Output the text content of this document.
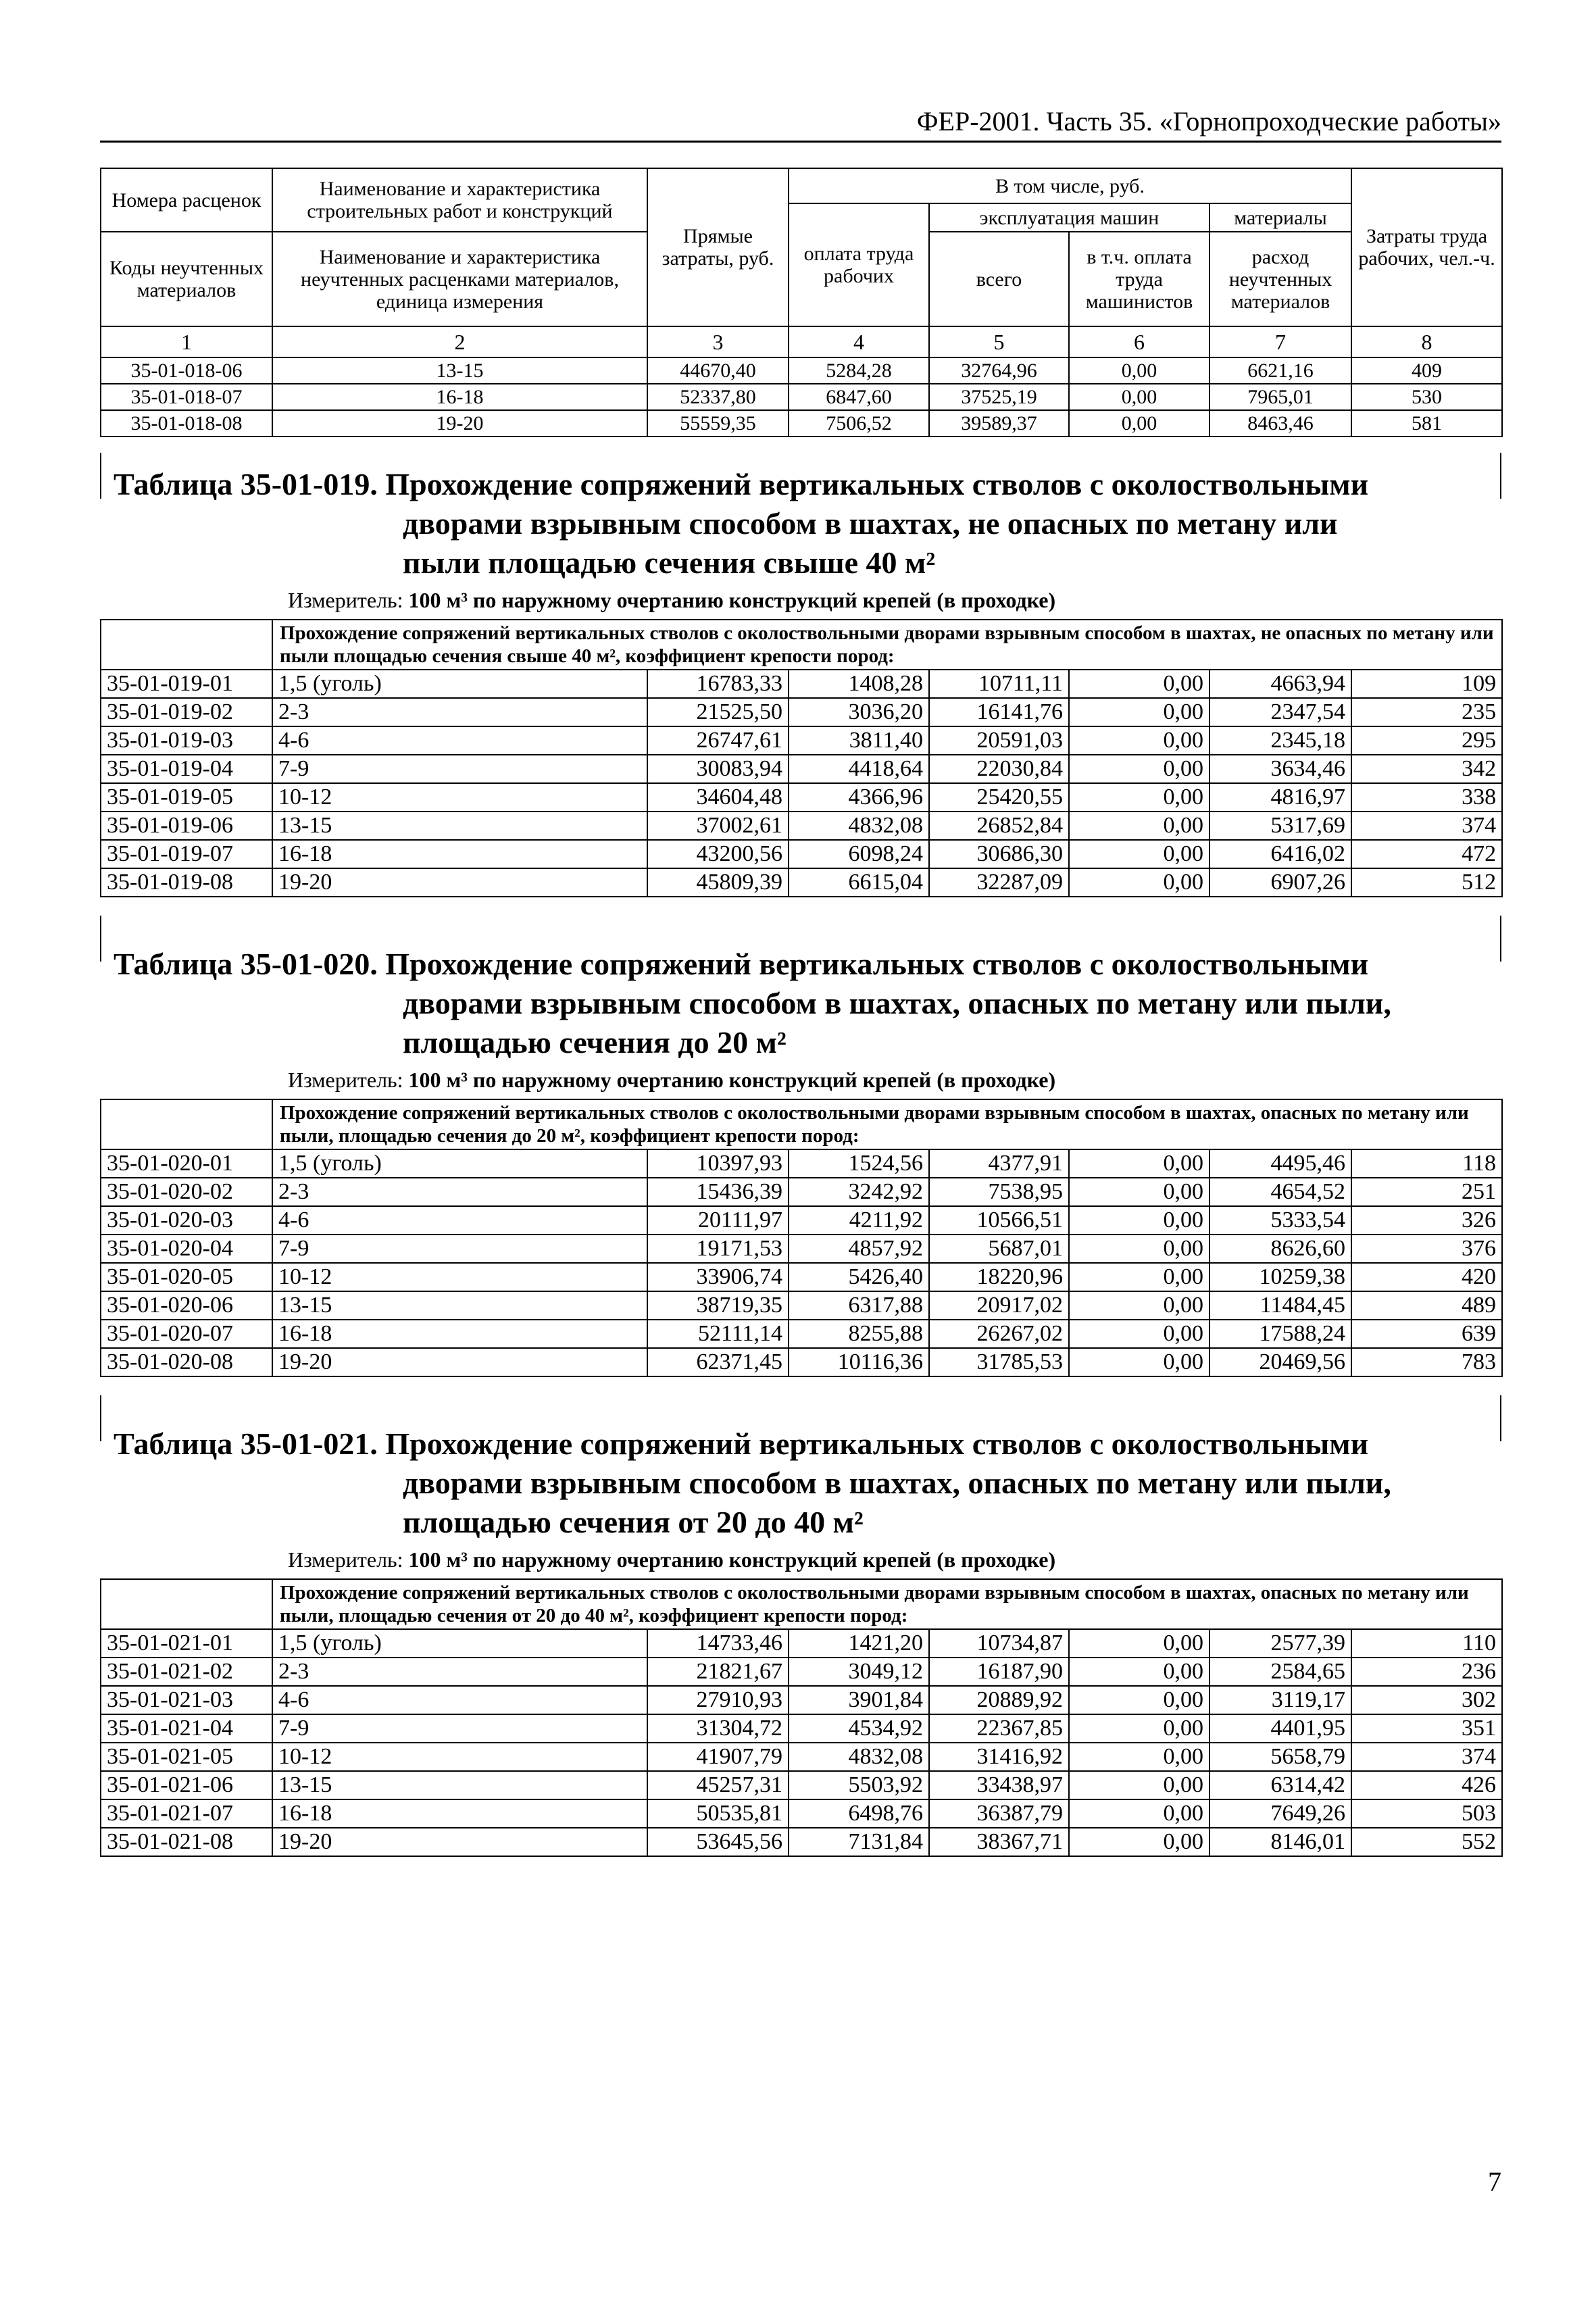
ФЕР-2001. Часть 35. «Горнопроходческие работы»
Номера расценок	Наименование и характеристика строительных работ и конструкций	Прямые затраты, руб.	В том числе, руб.				Затраты труда рабочих, чел.-ч.
			оплата труда рабочих	эксплуатация машин		материалы	
Коды неучтенных материалов	Наименование и характеристика неучтенных расценками материалов, единица измерения			всего	в т.ч. оплата труда машинистов	расход неучтенных материалов	

1	2	3	4	5	6	7	8
35-01-018-06	13-15	44670,40	5284,28	32764,96	0,00	6621,16	409
35-01-018-07	16-18	52337,80	6847,60	37525,19	0,00	7965,01	530
35-01-018-08	19-20	55559,35	7506,52	39589,37	0,00	8463,46	581
Таблица 35-01-019. Прохождение сопряжений вертикальных стволов с околоствольными
дворами взрывным способом в шахтах, не опасных по метану или
пыли площадью сечения свыше 40 м²
Измеритель: 100 м³ по наружному очертанию конструкций крепей (в проходке)
	Прохождение сопряжений вертикальных стволов с околоствольными дворами взрывным способом в шахтах, не опасных по метану или пыли площадью сечения свыше 40 м², коэффициент крепости пород:						
35-01-019-01	1,5 (уголь)	16783,33	1408,28	10711,11	0,00	4663,94	109
35-01-019-02	2-3	21525,50	3036,20	16141,76	0,00	2347,54	235
35-01-019-03	4-6	26747,61	3811,40	20591,03	0,00	2345,18	295
35-01-019-04	7-9	30083,94	4418,64	22030,84	0,00	3634,46	342
35-01-019-05	10-12	34604,48	4366,96	25420,55	0,00	4816,97	338
35-01-019-06	13-15	37002,61	4832,08	26852,84	0,00	5317,69	374
35-01-019-07	16-18	43200,56	6098,24	30686,30	0,00	6416,02	472
35-01-019-08	19-20	45809,39	6615,04	32287,09	0,00	6907,26	512
Таблица 35-01-020. Прохождение сопряжений вертикальных стволов с околоствольными
дворами взрывным способом в шахтах, опасных по метану или пыли,
площадью сечения до 20 м²
Измеритель: 100 м³ по наружному очертанию конструкций крепей (в проходке)
	Прохождение сопряжений вертикальных стволов с околоствольными дворами взрывным способом в шахтах, опасных по метану или пыли, площадью сечения до 20 м², коэффициент крепости пород:						
35-01-020-01	1,5 (уголь)	10397,93	1524,56	4377,91	0,00	4495,46	118
35-01-020-02	2-3	15436,39	3242,92	7538,95	0,00	4654,52	251
35-01-020-03	4-6	20111,97	4211,92	10566,51	0,00	5333,54	326
35-01-020-04	7-9	19171,53	4857,92	5687,01	0,00	8626,60	376
35-01-020-05	10-12	33906,74	5426,40	18220,96	0,00	10259,38	420
35-01-020-06	13-15	38719,35	6317,88	20917,02	0,00	11484,45	489
35-01-020-07	16-18	52111,14	8255,88	26267,02	0,00	17588,24	639
35-01-020-08	19-20	62371,45	10116,36	31785,53	0,00	20469,56	783
Таблица 35-01-021. Прохождение сопряжений вертикальных стволов с околоствольными
дворами взрывным способом в шахтах, опасных по метану или пыли,
площадью сечения от 20 до 40 м²
Измеритель: 100 м³ по наружному очертанию конструкций крепей (в проходке)
	Прохождение сопряжений вертикальных стволов с околоствольными дворами взрывным способом в шахтах, опасных по метану или пыли, площадью сечения от 20 до 40 м², коэффициент крепости пород:						
35-01-021-01	1,5 (уголь)	14733,46	1421,20	10734,87	0,00	2577,39	110
35-01-021-02	2-3	21821,67	3049,12	16187,90	0,00	2584,65	236
35-01-021-03	4-6	27910,93	3901,84	20889,92	0,00	3119,17	302
35-01-021-04	7-9	31304,72	4534,92	22367,85	0,00	4401,95	351
35-01-021-05	10-12	41907,79	4832,08	31416,92	0,00	5658,79	374
35-01-021-06	13-15	45257,31	5503,92	33438,97	0,00	6314,42	426
35-01-021-07	16-18	50535,81	6498,76	36387,79	0,00	7649,26	503
35-01-021-08	19-20	53645,56	7131,84	38367,71	0,00	8146,01	552
7
